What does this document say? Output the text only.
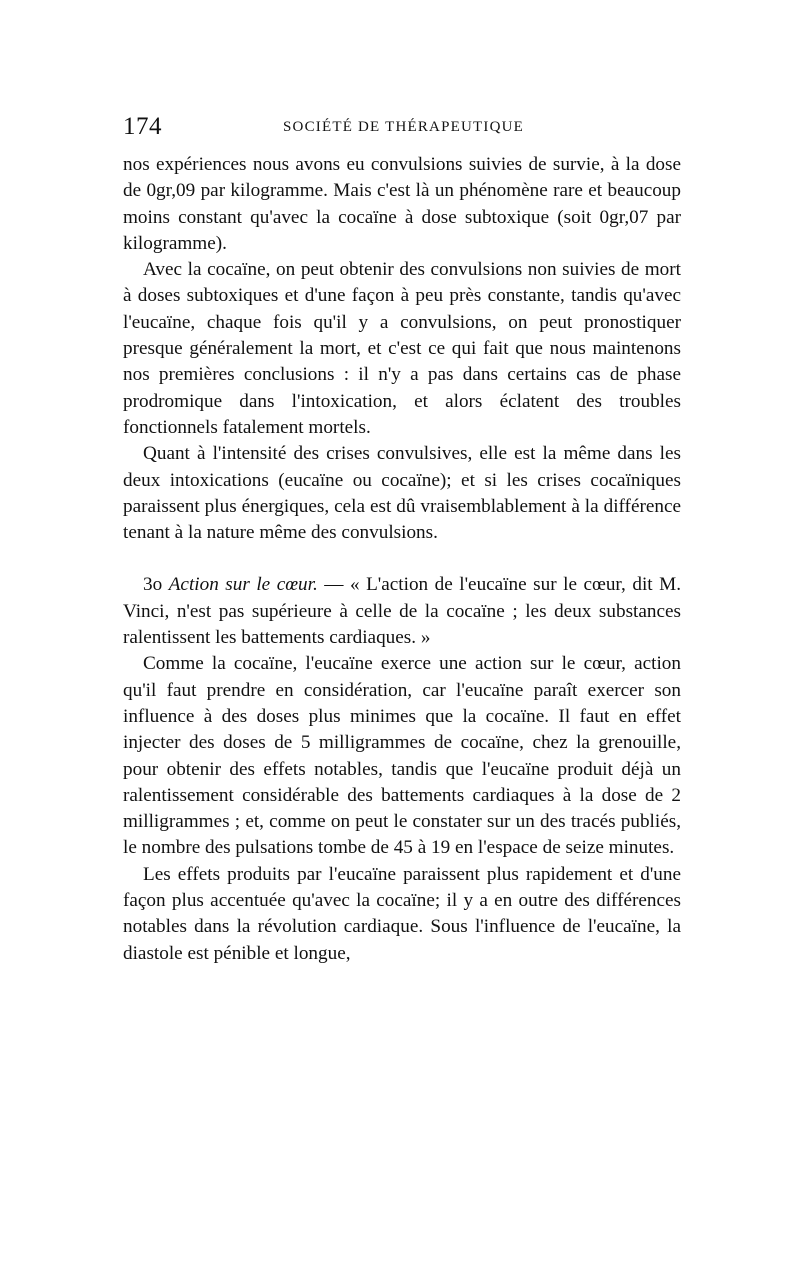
174	SOCIÉTÉ DE THÉRAPEUTIQUE

nos expériences nous avons eu convulsions suivies de survie, à la dose de 0gr,09 par kilogramme. Mais c'est là un phénomène rare et beaucoup moins constant qu'avec la cocaïne à dose subtoxique (soit 0gr,07 par kilogramme).

Avec la cocaïne, on peut obtenir des convulsions non suivies de mort à doses subtoxiques et d'une façon à peu près constante, tandis qu'avec l'eucaïne, chaque fois qu'il y a convulsions, on peut pronostiquer presque généralement la mort, et c'est ce qui fait que nous maintenons nos premières conclusions : il n'y a pas dans certains cas de phase prodromique dans l'intoxication, et alors éclatent des troubles fonctionnels fatalement mortels.

Quant à l'intensité des crises convulsives, elle est la même dans les deux intoxications (eucaïne ou cocaïne); et si les crises cocaïniques paraissent plus énergiques, cela est dû vraisemblablement à la différence tenant à la nature même des convulsions.

3o Action sur le cœur. — « L'action de l'eucaïne sur le cœur, dit M. Vinci, n'est pas supérieure à celle de la cocaïne ; les deux substances ralentissent les battements cardiaques. »

Comme la cocaïne, l'eucaïne exerce une action sur le cœur, action qu'il faut prendre en considération, car l'eucaïne paraît exercer son influence à des doses plus minimes que la cocaïne. Il faut en effet injecter des doses de 5 milligrammes de cocaïne, chez la grenouille, pour obtenir des effets notables, tandis que l'eucaïne produit déjà un ralentissement considérable des battements cardiaques à la dose de 2 milligrammes ; et, comme on peut le constater sur un des tracés publiés, le nombre des pulsations tombe de 45 à 19 en l'espace de seize minutes.

Les effets produits par l'eucaïne paraissent plus rapidement et d'une façon plus accentuée qu'avec la cocaïne; il y a en outre des différences notables dans la révolution cardiaque. Sous l'influence de l'eucaïne, la diastole est pénible et longue,
